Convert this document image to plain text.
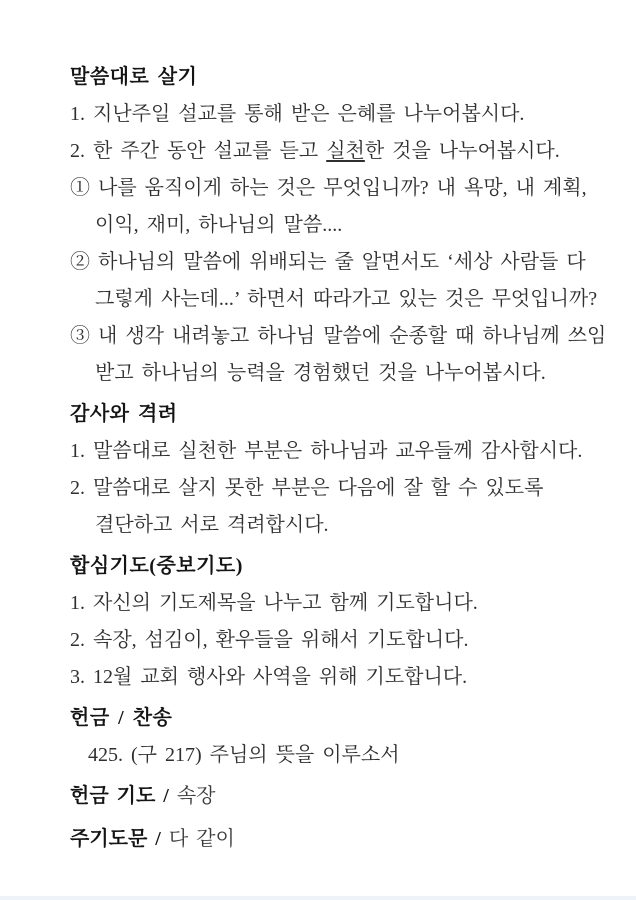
말씀대로 살기
1. 지난주일 설교를 통해 받은 은혜를 나누어봅시다.
2. 한 주간 동안 설교를 듣고 실천한 것을 나누어봅시다.
① 나를 움직이게 하는 것은 무엇입니까? 내 욕망, 내 계획,
이익, 재미, 하나님의 말씀....
② 하나님의 말씀에 위배되는 줄 알면서도 ‘세상 사람들 다
그렇게 사는데...’ 하면서 따라가고 있는 것은 무엇입니까?
③ 내 생각 내려놓고 하나님 말씀에 순종할 때 하나님께 쓰임
받고 하나님의 능력을 경험했던 것을 나누어봅시다.
감사와 격려
1. 말씀대로 실천한 부분은 하나님과 교우들께 감사합시다.
2. 말씀대로 살지 못한 부분은 다음에 잘 할 수 있도록
결단하고 서로 격려합시다.
합심기도(중보기도)
1. 자신의 기도제목을 나누고 함께 기도합니다.
2. 속장, 섬김이, 환우들을 위해서 기도합니다.
3. 12월 교회 행사와 사역을 위해 기도합니다.
헌금 / 찬송
425. (구 217) 주님의 뜻을 이루소서
헌금 기도 / 속장
주기도문 / 다 같이
